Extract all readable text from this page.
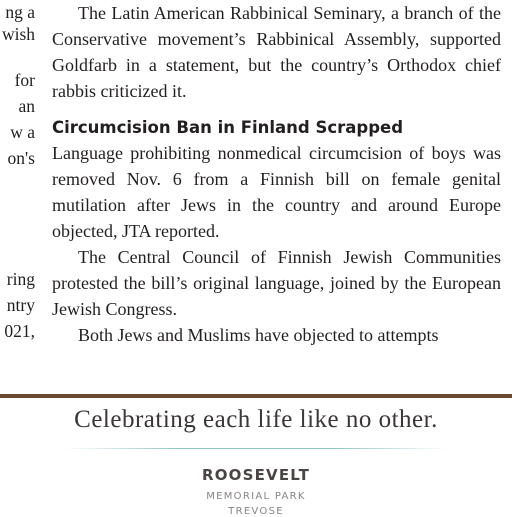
ng a
wish
for
an
w a
on's
ring
ntry
021,

The Latin American Rabbinical Seminary, a branch of the Conservative movement’s Rabbinical Assembly, supported Goldfarb in a statement, but the country’s Orthodox chief rabbis criticized it.

Circumcision Ban in Finland Scrapped

Language prohibiting nonmedical circumcision of boys was removed Nov. 6 from a Finnish bill on female genital mutilation after Jews in the country and around Europe objected, JTA reported.

The Central Council of Finnish Jewish Communities protested the bill’s original language, joined by the European Jewish Congress.

Both Jews and Muslims have objected to attempts

Celebrating each life like no other.
ROOSEVELT
MEMORIAL PARK
TREVOSE
